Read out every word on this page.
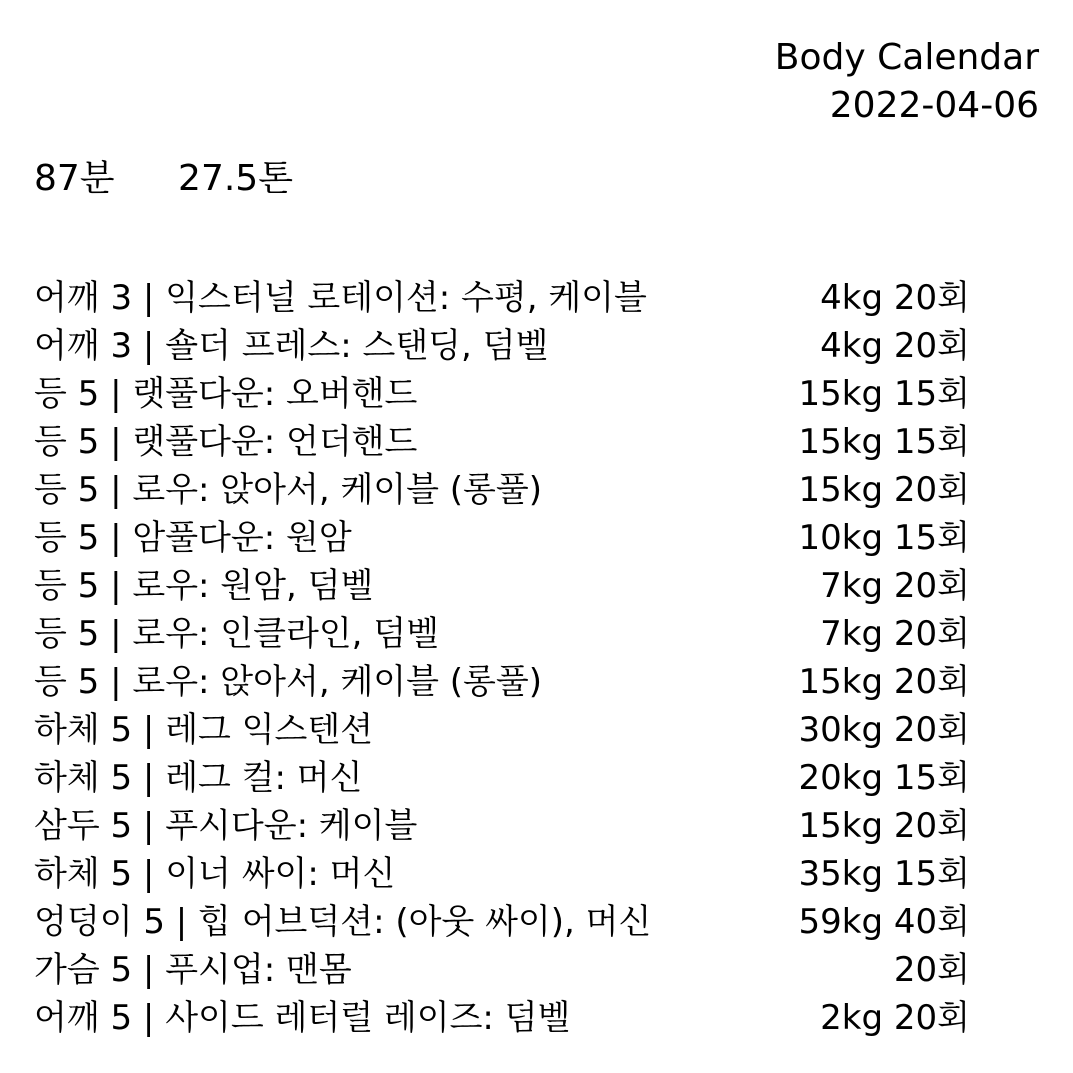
Body Calendar
2022-04-06
87분 27.5톤
어깨 3 | 익스터널 로테이션: 수평, 케이블	4kg 20회
어깨 3 | 숄더 프레스: 스탠딩, 덤벨	4kg 20회
등 5 | 랫풀다운: 오버핸드	15kg 15회
등 5 | 랫풀다운: 언더핸드	15kg 15회
등 5 | 로우: 앉아서, 케이블 (롱풀)	15kg 20회
등 5 | 암풀다운: 원암	10kg 15회
등 5 | 로우: 원암, 덤벨	7kg 20회
등 5 | 로우: 인클라인, 덤벨	7kg 20회
등 5 | 로우: 앉아서, 케이블 (롱풀)	15kg 20회
하체 5 | 레그 익스텐션	30kg 20회
하체 5 | 레그 컬: 머신	20kg 15회
삼두 5 | 푸시다운: 케이블	15kg 20회
하체 5 | 이너 싸이: 머신	35kg 15회
엉덩이 5 | 힙 어브덕션: (아웃 싸이), 머신	59kg 40회
가슴 5 | 푸시업: 맨몸	20회
어깨 5 | 사이드 레터럴 레이즈: 덤벨	2kg 20회
